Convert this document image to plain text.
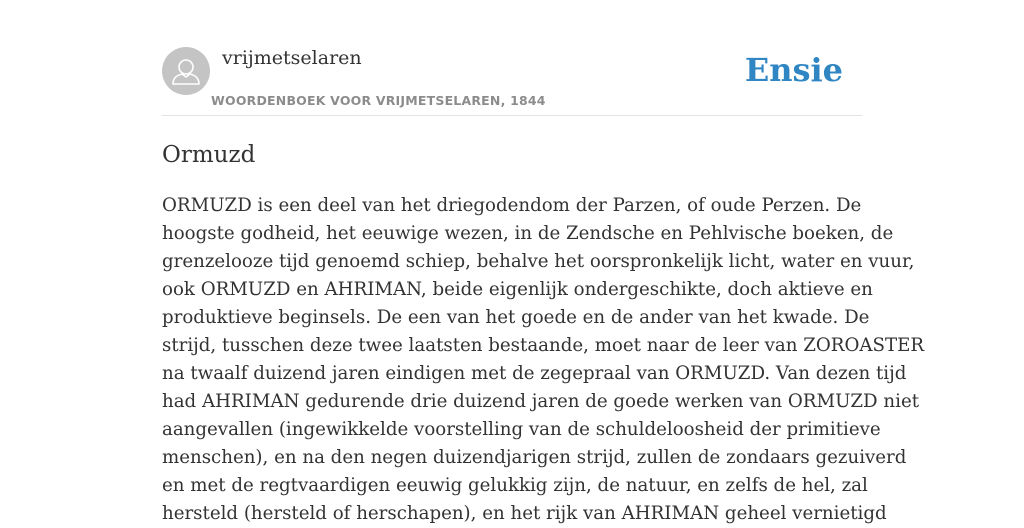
vrijmetselaren
WOORDENBOEK VOOR VRIJMETSELAREN, 1844
Ensie
Ormuzd
ORMUZD is een deel van het driegodendom der Parzen, of oude Perzen. De
hoogste godheid, het eeuwige wezen, in de Zendsche en Pehlvische boeken, de
grenzelooze tijd genoemd schiep, behalve het oorspronkelijk licht, water en vuur,
ook ORMUZD en AHRIMAN, beide eigenlijk ondergeschikte, doch aktieve en
produktieve beginsels. De een van het goede en de ander van het kwade. De
strijd, tusschen deze twee laatsten bestaande, moet naar de leer van ZOROASTER
na twaalf duizend jaren eindigen met de zegepraal van ORMUZD. Van dezen tijd
had AHRIMAN gedurende drie duizend jaren de goede werken van ORMUZD niet
aangevallen (ingewikkelde voorstelling van de schuldeloosheid der primitieve
menschen), en na den negen duizendjarigen strijd, zullen de zondaars gezuiverd
en met de regtvaardigen eeuwig gelukkig zijn, de natuur, en zelfs de hel, zal
hersteld (hersteld of herschapen), en het rijk van AHRIMAN geheel vernietigd
